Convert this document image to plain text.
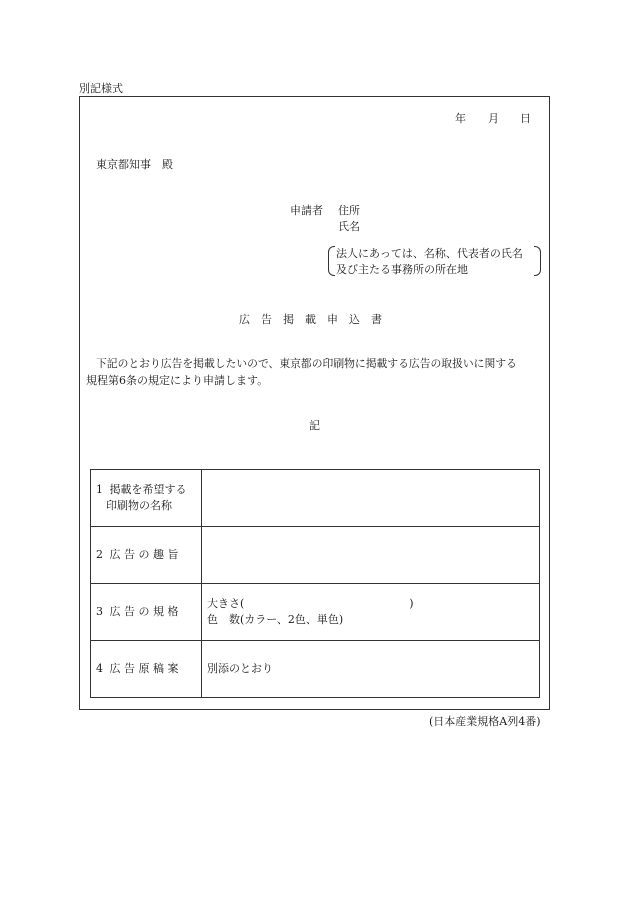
別記様式
年 月 日
東京都知事　殿
申請者 住所
氏名
法人にあっては、名称、代表者の氏名
及び主たる事務所の所在地
広　告　掲　載　申　込　書
下記のとおり広告を掲載したいので、東京都の印刷物に掲載する広告の取扱いに関する
規程第6条の規定により申請します。
記
1 掲載を希望する
印刷物の名称	

2 広 告 の 趣 旨

3 広 告 の 規 格	大きさ(　　　　　　　　　　　　　　　)
色　数(カラー、2色、単色)

4 広 告 原 稿 案	別添のとおり
(日本産業規格A列4番)
